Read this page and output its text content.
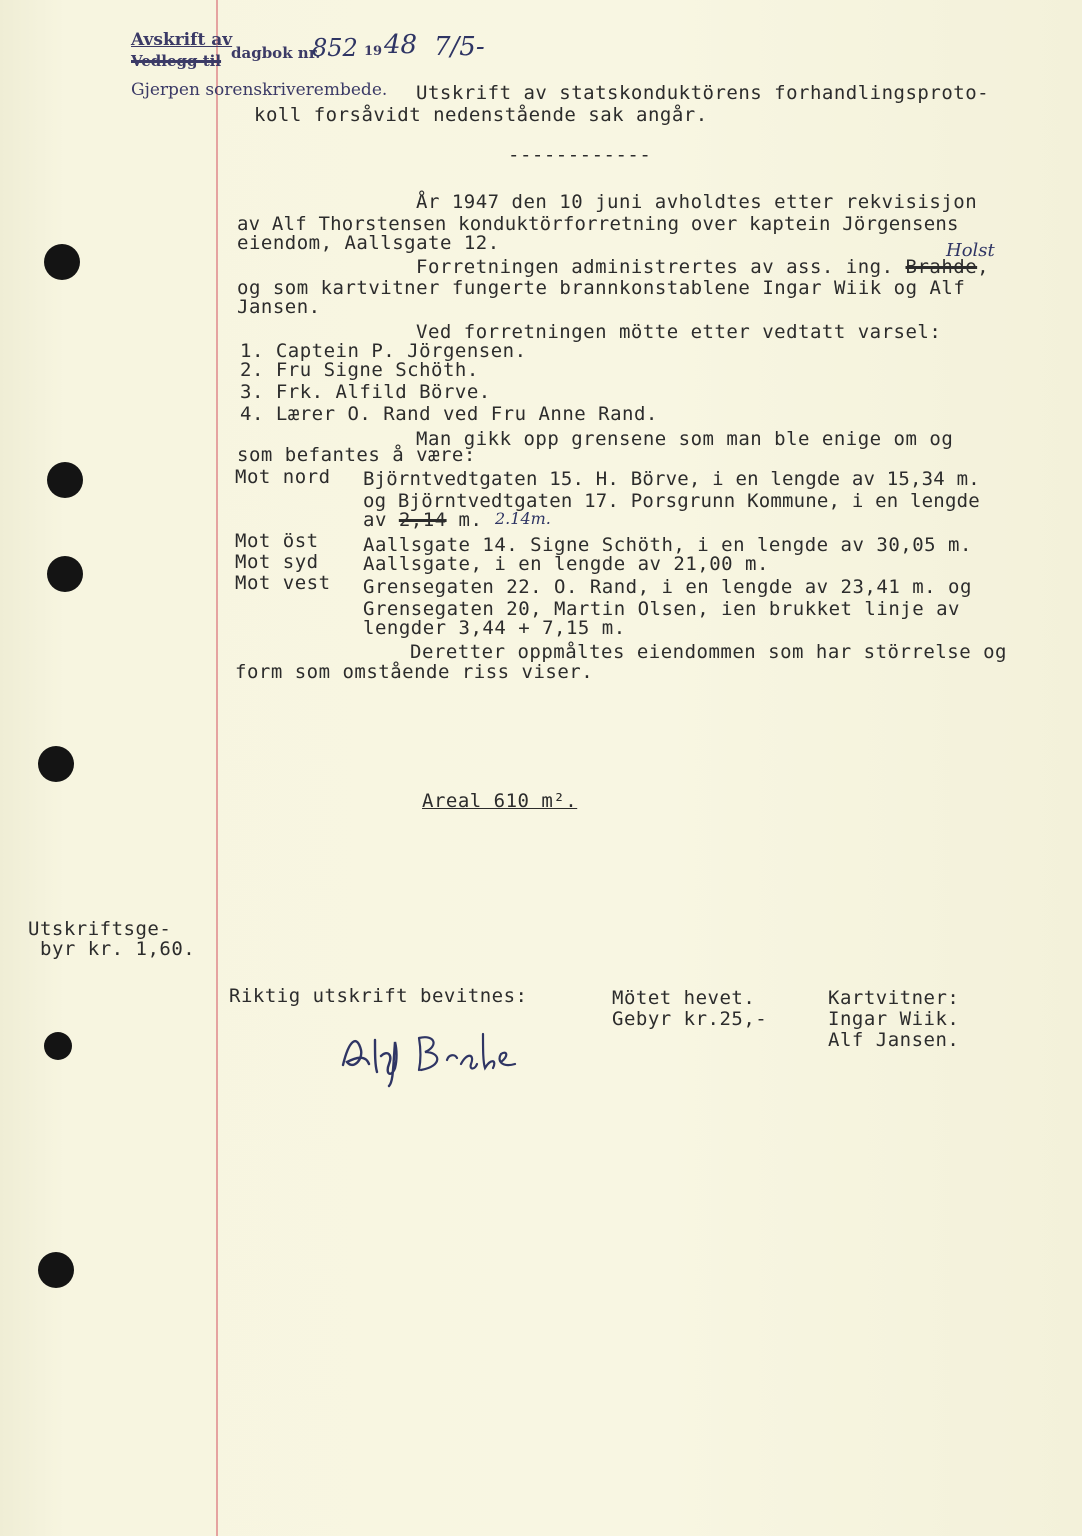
Avskrift av
Vedlegg til dagbok nr.
852 19 48 7/5-
Gjerpen sorenskriverembede. Utskrift av statskonduktörens forhandlingsproto-
koll forsåvidt nedenstående sak angår.
------------
År 1947 den 10 juni avholdtes etter rekvisisjon
av Alf Thorstensen konduktörforretning over kaptein Jörgensens
eiendom, Aallsgate 12.	Holst
Forretningen administrertes av ass. ing. Brahde,
og som kartvitner fungerte brannkonstablene Ingar Wiik og Alf
Jansen.
Ved forretningen mötte etter vedtatt varsel:
1. Captein P. Jörgensen.
2. Fru Signe Schöth.
3. Frk. Alfild Börve.
4. Lærer O. Rand ved Fru Anne Rand.
Man gikk opp grensene som man ble enige om og
som befantes å være:
Mot nord Björntvedtgaten 15. H. Börve, i en lengde av 15,34 m.
og Björntvedtgaten 17. Porsgrunn Kommune, i en lengde
av 2,14 m. 2.14m.
Mot öst Aallsgate 14. Signe Schöth, i en lengde av 30,05 m.
Mot syd Aallsgate, i en lengde av 21,00 m.
Mot vest Grensegaten 22. O. Rand, i en lengde av 23,41 m. og
Grensegaten 20, Martin Olsen, ien brukket linje av
lengder 3,44 + 7,15 m.
Deretter oppmåltes eiendommen som har störrelse og
form som omstående riss viser.
Areal 610 m².
Utskriftsge-
byr kr. 1,60.
Riktig utskrift bevitnes:	Mötet hevet.
Gebyr kr.25,-
Kartvitner:
Ingar Wiik.
Alf Jansen.
